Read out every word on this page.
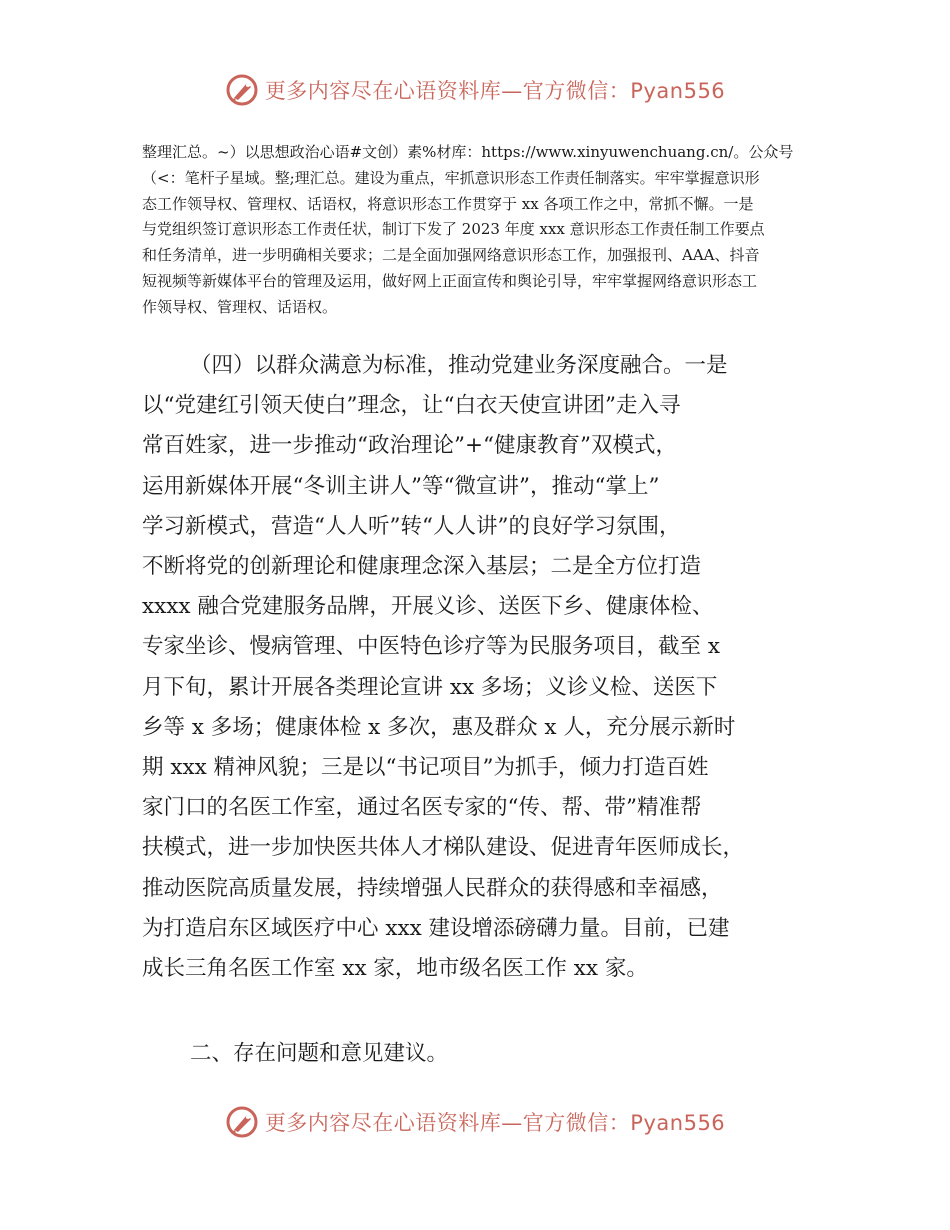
更多内容尽在心语资料库—官方微信：Pyan556

整理汇总。~）以思想政治心语#文创）素%材库：https://www.xinyuwenchuang.cn/。公众号
（<：笔杆子星域。整;理汇总。建设为重点，牢抓意识形态工作责任制落实。牢牢掌握意识形
态工作领导权、管理权、话语权，将意识形态工作贯穿于 xx 各项工作之中，常抓不懈。一是
与党组织签订意识形态工作责任状，制订下发了 2023 年度 xxx 意识形态工作责任制工作要点
和任务清单，进一步明确相关要求；二是全面加强网络意识形态工作，加强报刊、AAA、抖音
短视频等新媒体平台的管理及运用，做好网上正面宣传和舆论引导，牢牢掌握网络意识形态工
作领导权、管理权、话语权。

（四）以群众满意为标准，推动党建业务深度融合。一是
以“党建红引领天使白”理念，让“白衣天使宣讲团”走入寻
常百姓家，进一步推动“政治理论”+“健康教育”双模式，
运用新媒体开展“冬训主讲人”等“微宣讲”，推动“掌上”
学习新模式，营造“人人听”转“人人讲”的良好学习氛围，
不断将党的创新理论和健康理念深入基层；二是全方位打造
xxxx 融合党建服务品牌，开展义诊、送医下乡、健康体检、
专家坐诊、慢病管理、中医特色诊疗等为民服务项目，截至 x
月下旬，累计开展各类理论宣讲 xx 多场；义诊义检、送医下
乡等 x 多场；健康体检 x 多次，惠及群众 x 人，充分展示新时
期 xxx 精神风貌；三是以“书记项目”为抓手，倾力打造百姓
家门口的名医工作室，通过名医专家的“传、帮、带”精准帮
扶模式，进一步加快医共体人才梯队建设、促进青年医师成长，
推动医院高质量发展，持续增强人民群众的获得感和幸福感，
为打造启东区域医疗中心 xxx 建设增添磅礴力量。目前，已建
成长三角名医工作室 xx 家，地市级名医工作 xx 家。

二、存在问题和意见建议。

更多内容尽在心语资料库—官方微信：Pyan556
